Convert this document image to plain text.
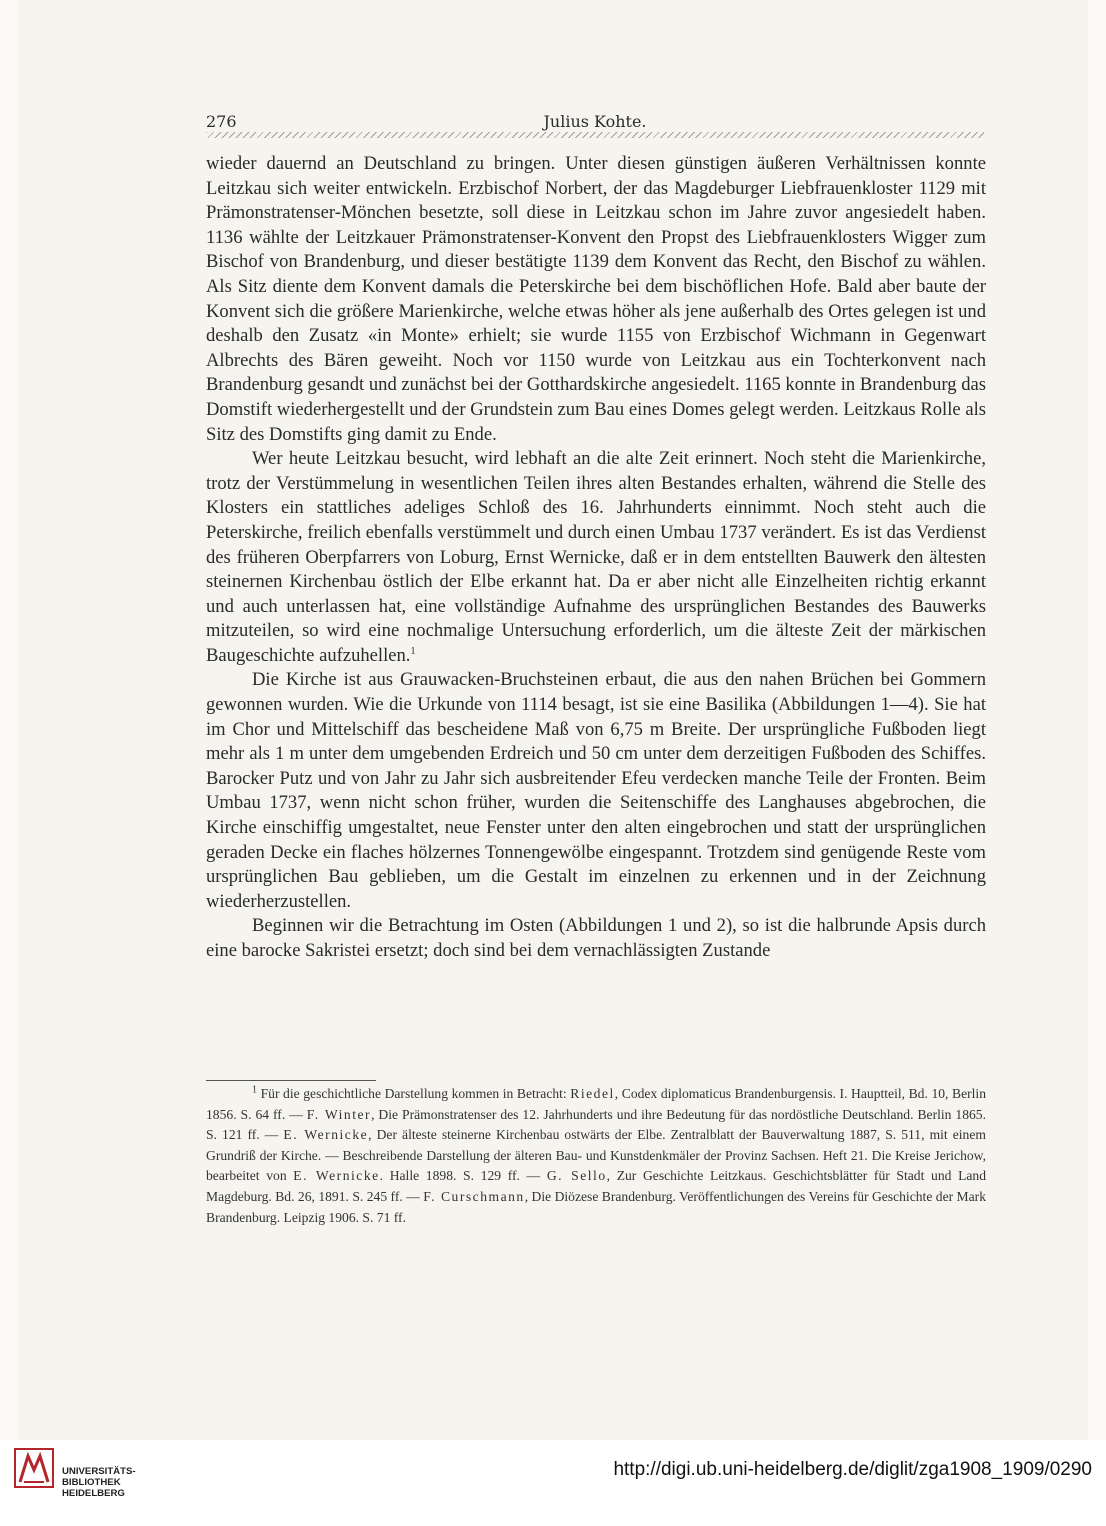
276	Julius Kohte.

wieder dauernd an Deutschland zu bringen. Unter diesen günstigen äußeren Verhältnissen konnte Leitzkau sich weiter entwickeln. Erzbischof Norbert, der das Magdeburger Liebfrauenkloster 1129 mit Prämonstratenser-Mönchen besetzte, soll diese in Leitzkau schon im Jahre zuvor angesiedelt haben. 1136 wählte der Leitzkauer Prämonstratenser-Konvent den Propst des Liebfrauenklosters Wigger zum Bischof von Brandenburg, und dieser bestätigte 1139 dem Konvent das Recht, den Bischof zu wählen. Als Sitz diente dem Konvent damals die Peterskirche bei dem bischöflichen Hofe. Bald aber baute der Konvent sich die größere Marienkirche, welche etwas höher als jene außerhalb des Ortes gelegen ist und deshalb den Zusatz «in Monte» erhielt; sie wurde 1155 von Erzbischof Wichmann in Gegenwart Albrechts des Bären geweiht. Noch vor 1150 wurde von Leitzkau aus ein Tochterkonvent nach Brandenburg gesandt und zunächst bei der Gotthardskirche angesiedelt. 1165 konnte in Brandenburg das Domstift wiederhergestellt und der Grundstein zum Bau eines Domes gelegt werden. Leitzkaus Rolle als Sitz des Domstifts ging damit zu Ende.

Wer heute Leitzkau besucht, wird lebhaft an die alte Zeit erinnert. Noch steht die Marienkirche, trotz der Verstümmelung in wesentlichen Teilen ihres alten Bestandes erhalten, während die Stelle des Klosters ein stattliches adeliges Schloß des 16. Jahrhunderts einnimmt. Noch steht auch die Peterskirche, freilich ebenfalls verstümmelt und durch einen Umbau 1737 verändert. Es ist das Verdienst des früheren Oberpfarrers von Loburg, Ernst Wernicke, daß er in dem entstellten Bauwerk den ältesten steinernen Kirchenbau östlich der Elbe erkannt hat. Da er aber nicht alle Einzelheiten richtig erkannt und auch unterlassen hat, eine vollständige Aufnahme des ursprünglichen Bestandes des Bauwerks mitzuteilen, so wird eine nochmalige Untersuchung erforderlich, um die älteste Zeit der märkischen Baugeschichte aufzuhellen.$^1$

Die Kirche ist aus Grauwacken-Bruchsteinen erbaut, die aus den nahen Brüchen bei Gommern gewonnen wurden. Wie die Urkunde von 1114 besagt, ist sie eine Basilika (Abbildungen 1—4). Sie hat im Chor und Mittelschiff das bescheidene Maß von 6,75 m Breite. Der ursprüngliche Fußboden liegt mehr als 1 m unter dem umgebenden Erdreich und 50 cm unter dem derzeitigen Fußboden des Schiffes. Barocker Putz und von Jahr zu Jahr sich ausbreitender Efeu verdecken manche Teile der Fronten. Beim Umbau 1737, wenn nicht schon früher, wurden die Seitenschiffe des Langhauses abgebrochen, die Kirche einschiffig umgestaltet, neue Fenster unter den alten eingebrochen und statt der ursprünglichen geraden Decke ein flaches hölzernes Tonnengewölbe eingespannt. Trotzdem sind genügende Reste vom ursprünglichen Bau geblieben, um die Gestalt im einzelnen zu erkennen und in der Zeichnung wiederherzustellen.

Beginnen wir die Betrachtung im Osten (Abbildungen 1 und 2), so ist die halbrunde Apsis durch eine barocke Sakristei ersetzt; doch sind bei dem vernachlässigten Zustande

$^1$ Für die geschichtliche Darstellung kommen in Betracht: Riedel, Codex diplomaticus Brandenburgensis. I. Hauptteil, Bd. 10, Berlin 1856. S. 64 ff. — F. Winter, Die Prämonstratenser des 12. Jahrhunderts und ihre Bedeutung für das nordöstliche Deutschland. Berlin 1865. S. 121 ff. — E. Wernicke, Der älteste steinerne Kirchenbau ostwärts der Elbe. Zentralblatt der Bauverwaltung 1887, S. 511, mit einem Grundriß der Kirche. — Beschreibende Darstellung der älteren Bau- und Kunstdenkmäler der Provinz Sachsen. Heft 21. Die Kreise Jerichow, bearbeitet von E. Wernicke. Halle 1898. S. 129 ff. — G. Sello, Zur Geschichte Leitzkaus. Geschichtsblätter für Stadt und Land Magdeburg. Bd. 26, 1891. S. 245 ff. — F. Curschmann, Die Diözese Brandenburg. Veröffentlichungen des Vereins für Geschichte der Mark Brandenburg. Leipzig 1906. S. 71 ff.

UNIVERSITÄTS-
BIBLIOTHEK
HEIDELBERG
http://digi.ub.uni-heidelberg.de/diglit/zga1908_1909/0290
